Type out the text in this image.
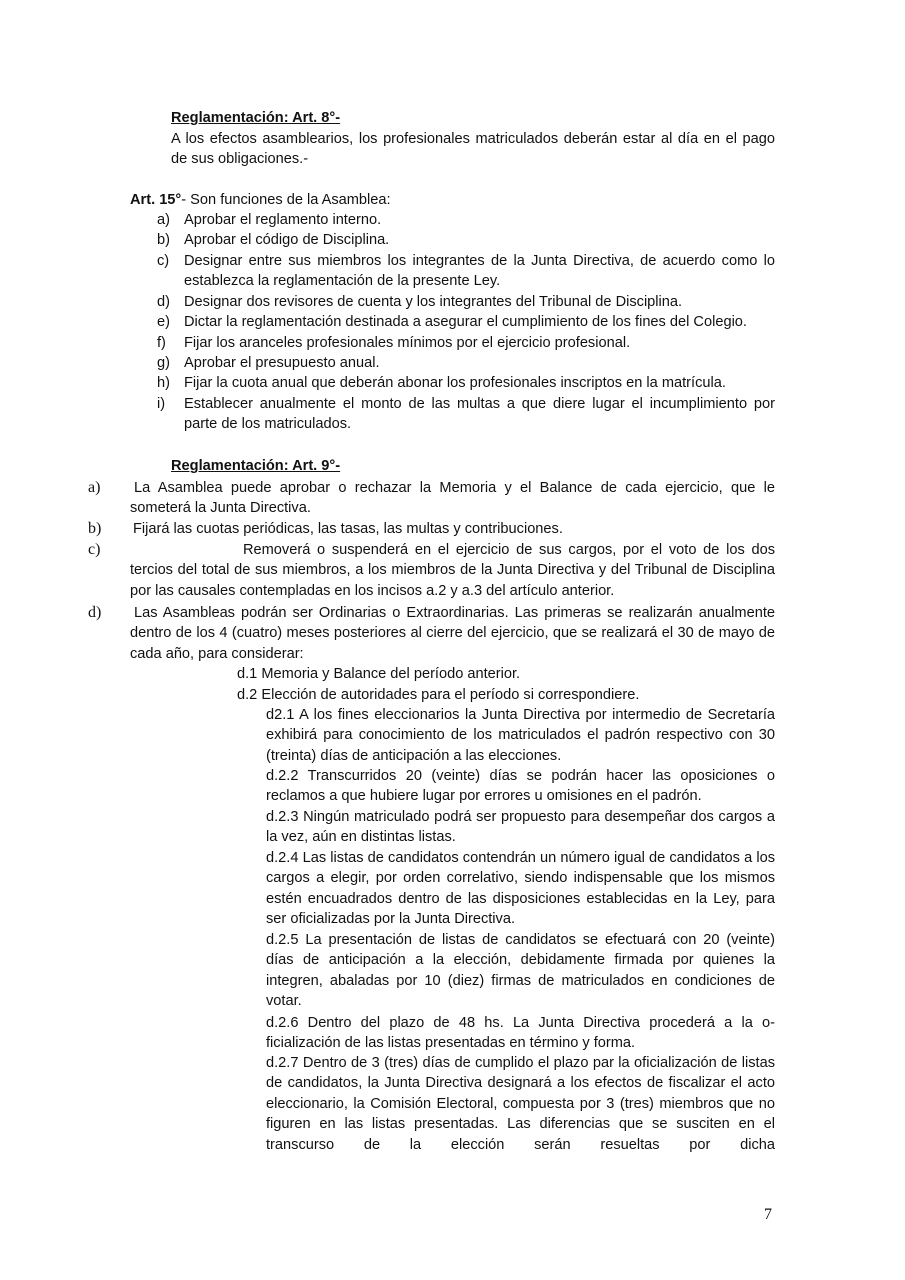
Reglamentación: Art. 8°-
A los efectos asamblearios, los profesionales matriculados deberán estar al día en el pago de sus obligaciones.-
Art. 15°- Son funciones de la Asamblea:
a) Aprobar el reglamento interno.
b) Aprobar el código de Disciplina.
c) Designar entre sus miembros los integrantes de la Junta Directiva, de acuerdo como lo establezca la reglamentación de la presente Ley.
d) Designar dos revisores de cuenta y los integrantes del Tribunal de Disciplina.
e) Dictar la reglamentación destinada a asegurar el cumplimiento de los fines del Colegio.
f) Fijar los aranceles profesionales mínimos por el ejercicio profesional.
g) Aprobar el presupuesto anual.
h) Fijar la cuota anual que deberán abonar los profesionales inscriptos en la matrícula.
i) Establecer anualmente el monto de las multas a que diere lugar el incumplimiento por parte de los matriculados.
Reglamentación: Art. 9°-
a) La Asamblea puede aprobar o rechazar la Memoria y el Balance de cada ejercicio, que le someterá la Junta Directiva.
b) Fijará las cuotas periódicas, las tasas, las multas y contribuciones.
c)	Removerá o suspenderá en el ejercicio de sus cargos, por el voto de los dos tercios del total de sus miembros, a los miembros de la Junta Directiva y del Tribunal de Disciplina por las causales contempladas en los incisos a.2 y a.3 del artículo anterior.
d) Las Asambleas podrán ser Ordinarias o Extraordinarias. Las primeras se realizarán anualmente dentro de los 4 (cuatro) meses posteriores al cierre del ejercicio, que se realizará el 30 de mayo de cada año, para considerar:
d.1 Memoria y Balance del período anterior.
d.2 Elección de autoridades para el período si correspondiere.
d2.1 A los fines eleccionarios la Junta Directiva por intermedio de Secretaría exhibirá para conocimiento de los matriculados el padrón respectivo con 30 (treinta) días de anticipación a las elecciones.
d.2.2 Transcurridos 20 (veinte) días se podrán hacer las oposiciones o reclamos a que hubiere lugar por errores u omisiones en el padrón.
d.2.3 Ningún matriculado podrá ser propuesto para desempeñar dos cargos a la vez, aún en distintas listas.
d.2.4 Las listas de candidatos contendrán un número igual de candidatos a los cargos a elegir, por orden correlativo, siendo indispensable que los mismos estén encuadrados dentro de las disposiciones establecidas en la Ley, para ser oficializadas por la Junta Directiva.
d.2.5 La presentación de listas de candidatos se efectuará con 20 (veinte) días de anticipación a la elección, debidamente firmada por quienes la integren, abaladas por 10 (diez) firmas de matriculados en condiciones de votar.
d.2.6 Dentro del plazo de 48 hs. La Junta Directiva procederá a la o-ficialización de las listas presentadas en término y forma.
d.2.7 Dentro de 3 (tres) días de cumplido el plazo par la oficialización de listas de candidatos, la Junta Directiva designará a los efectos de fiscalizar el acto eleccionario, la Comisión Electoral, compuesta por 3 (tres) miembros que no figuren en las listas presentadas. Las diferencias que se susciten en el transcurso de la elección serán resueltas por dicha
7
